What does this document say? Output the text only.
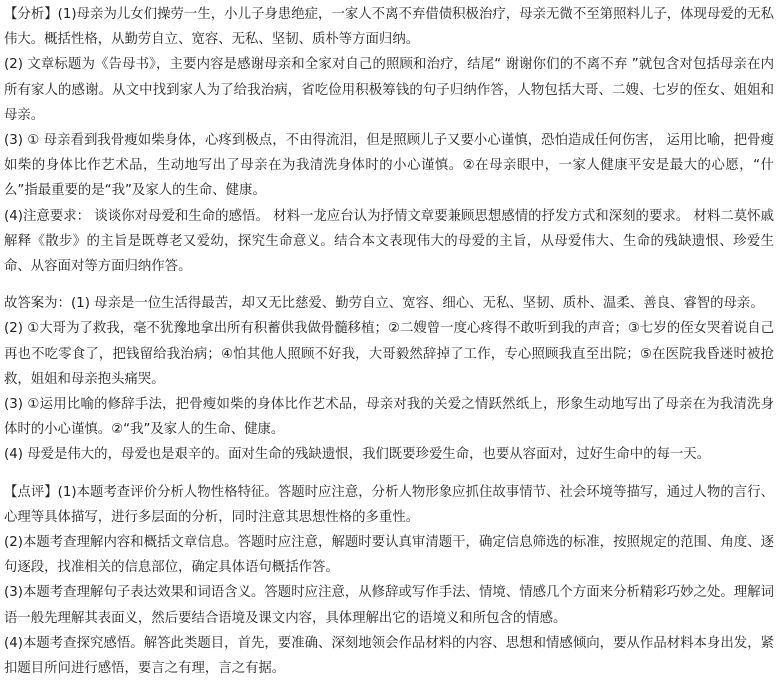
【分析】(1)母亲为儿女们操劳一生，小儿子身患绝症，一家人不离不弃借债积极治疗，母亲无微不至第照料儿子，体现母爱的无私伟大。概括性格，从勤劳自立、宽容、无私、坚韧、质朴等方面归纳。

(2) 文章标题为《告母书》，主要内容是感谢母亲和全家对自己的照顾和治疗，结尾“ 谢谢你们的不离不弃 ”就包含对包括母亲在内所有家人的感谢。从文中找到家人为了给我治病，省吃俭用积极筹钱的句子归纳作答，人物包括大哥、二嫂、七岁的侄女、姐姐和母亲。

(3) ① 母亲看到我骨瘦如柴身体，心疼到极点，不由得流泪，但是照顾儿子又要小心谨慎，恐怕造成任何伤害， 运用比喻，把骨瘦如柴的身体比作艺术品，生动地写出了母亲在为我清洗身体时的小心谨慎。②在母亲眼中，一家人健康平安是最大的心愿，“什么”指最重要的是“我”及家人的生命、健康。

(4)注意要求： 谈谈你对母爱和生命的感悟。 材料一龙应台认为抒情文章要兼顾思想感情的抒发方式和深刻的要求。 材料二莫怀戚解释《散步》的主旨是既尊老又爱幼，探究生命意义。结合本文表现伟大的母爱的主旨，从母爱伟大、生命的残缺遗恨、珍爱生命、从容面对等方面归纳作答。

故答案为：(1) 母亲是一位生活得最苦，却又无比慈爱、勤劳自立、宽容、细心、无私、坚韧、质朴、温柔、善良、睿智的母亲。

(2) ①大哥为了救我，毫不犹豫地拿出所有积蓄供我做骨髓移植；②二嫂曾一度心疼得不敢听到我的声音；③七岁的侄女哭着说自己再也不吃零食了，把钱留给我治病；④怕其他人照顾不好我，大哥毅然辞掉了工作，专心照顾我直至出院；⑤在医院我昏迷时被抢救，姐姐和母亲抱头痛哭。

(3) ①运用比喻的修辞手法，把骨瘦如柴的身体比作艺术品，母亲对我的关爱之情跃然纸上，形象生动地写出了母亲在为我清洗身体时的小心谨慎。②“我”及家人的生命、健康。

(4) 母爱是伟大的，母爱也是艰辛的。面对生命的残缺遗恨，我们既要珍爱生命，也要从容面对，过好生命中的每一天。

【点评】(1)本题考查评价分析人物性格特征。答题时应注意，分析人物形象应抓住故事情节、社会环境等描写，通过人物的言行、心理等具体描写，进行多层面的分析，同时注意其思想性格的多重性。

(2)本题考查理解内容和概括文章信息。答题时应注意，解题时要认真审清题干，确定信息筛选的标准，按照规定的范围、角度、逐句逐段，找准相关的信息部位，确定具体语句概括作答。

(3)本题考查理解句子表达效果和词语含义。答题时应注意，从修辞或写作手法、情境、情感几个方面来分析精彩巧妙之处。理解词语一般先理解其表面义，然后要结合语境及课文内容，具体理解出它的语境义和所包含的情感。

(4)本题考查探究感悟。解答此类题目，首先，要准确、深刻地领会作品材料的内容、思想和情感倾向，要从作品材料本身出发，紧扣题目所问进行感悟，要言之有理，言之有据。
